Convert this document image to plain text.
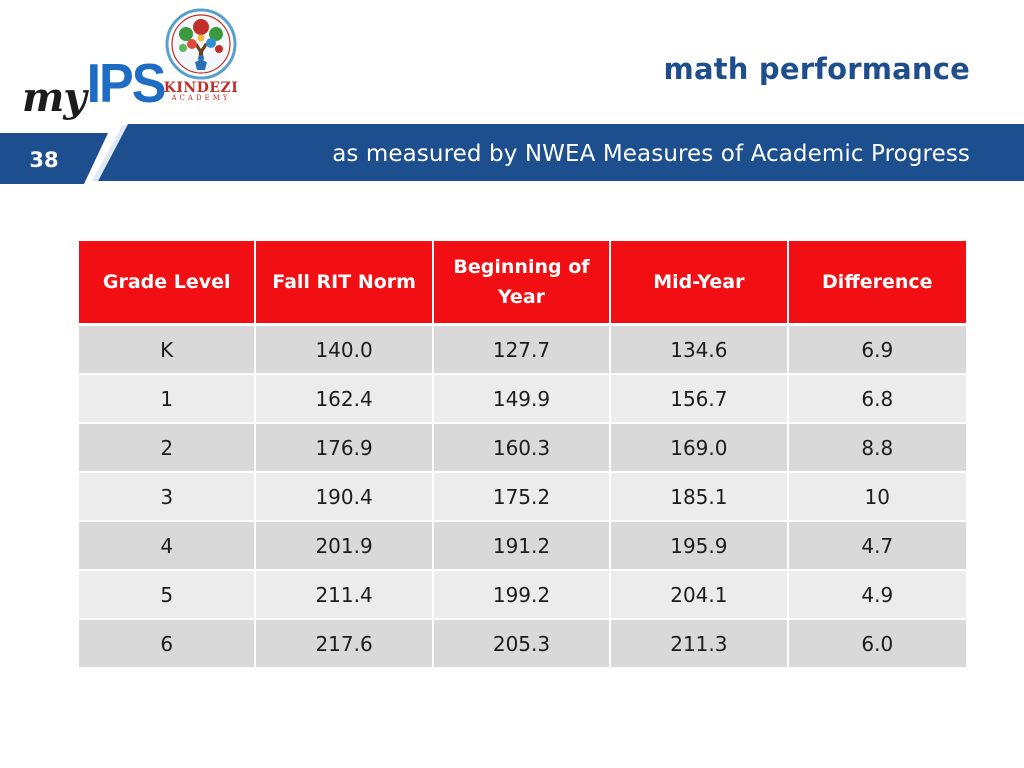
my IPS KINDEZI
ACADEMY
math performance
38	as measured by NWEA Measures of Academic Progress
Grade Level	Fall RIT Norm	Beginning of Year	Mid-Year	Difference
K	140.0	127.7	134.6	6.9
1	162.4	149.9	156.7	6.8
2	176.9	160.3	169.0	8.8
3	190.4	175.2	185.1	10
4	201.9	191.2	195.9	4.7
5	211.4	199.2	204.1	4.9
6	217.6	205.3	211.3	6.0
